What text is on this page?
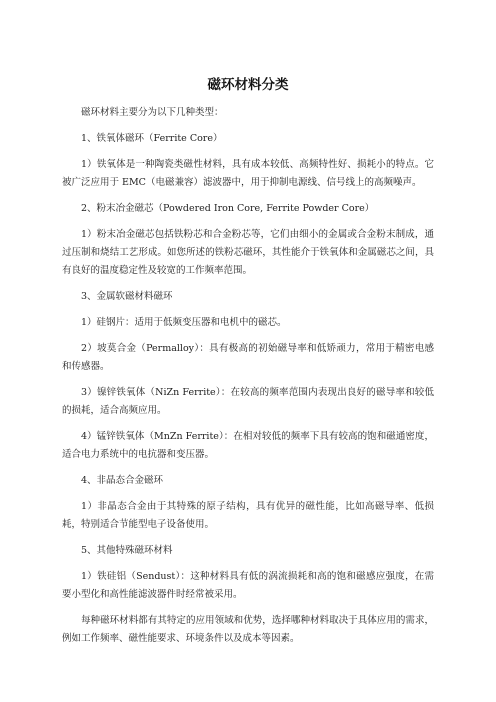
磁环材料分类

磁环材料主要分为以下几种类型：

1、铁氧体磁环（Ferrite Core）

1）铁氧体是一种陶瓷类磁性材料，具有成本较低、高频特性好、损耗小的特点。它被广泛应用于 EMC（电磁兼容）滤波器中，用于抑制电源线、信号线上的高频噪声。

2、粉末冶金磁芯（Powdered Iron Core, Ferrite Powder Core）

1）粉末冶金磁芯包括铁粉芯和合金粉芯等，它们由细小的金属或合金粉末制成，通过压制和烧结工艺形成。如您所述的铁粉芯磁环，其性能介于铁氧体和金属磁芯之间，具有良好的温度稳定性及较宽的工作频率范围。

3、金属软磁材料磁环

1）硅钢片：适用于低频变压器和电机中的磁芯。

2）坡莫合金（Permalloy）：具有极高的初始磁导率和低矫顽力，常用于精密电感和传感器。

3）镍锌铁氧体（NiZn Ferrite）：在较高的频率范围内表现出良好的磁导率和较低的损耗，适合高频应用。

4）锰锌铁氧体（MnZn Ferrite）：在相对较低的频率下具有较高的饱和磁通密度，适合电力系统中的电抗器和变压器。

4、非晶态合金磁环

1）非晶态合金由于其特殊的原子结构，具有优异的磁性能，比如高磁导率、低损耗，特别适合节能型电子设备使用。

5、其他特殊磁环材料

1）铁硅铝（Sendust）：这种材料具有低的涡流损耗和高的饱和磁感应强度，在需要小型化和高性能滤波器件时经常被采用。

每种磁环材料都有其特定的应用领域和优势，选择哪种材料取决于具体应用的需求，例如工作频率、磁性能要求、环境条件以及成本等因素。
